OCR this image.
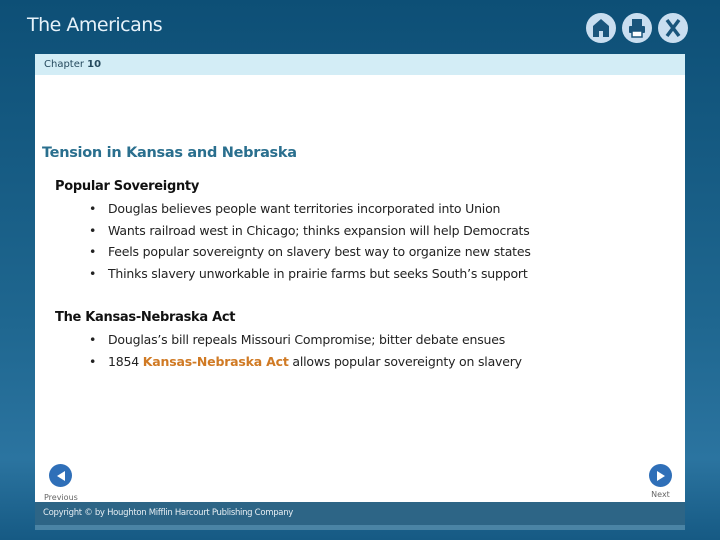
The Americans
Chapter 10
Tension in Kansas and Nebraska
Popular Sovereignty
• Douglas believes people want territories incorporated into Union
• Wants railroad west in Chicago; thinks expansion will help Democrats
• Feels popular sovereignty on slavery best way to organize new states
• Thinks slavery unworkable in prairie farms but seeks South’s support
The Kansas-Nebraska Act
• Douglas’s bill repeals Missouri Compromise; bitter debate ensues
• 1854 Kansas-Nebraska Act allows popular sovereignty on slavery
Previous	Next
Copyright © by Houghton Mifflin Harcourt Publishing Company
